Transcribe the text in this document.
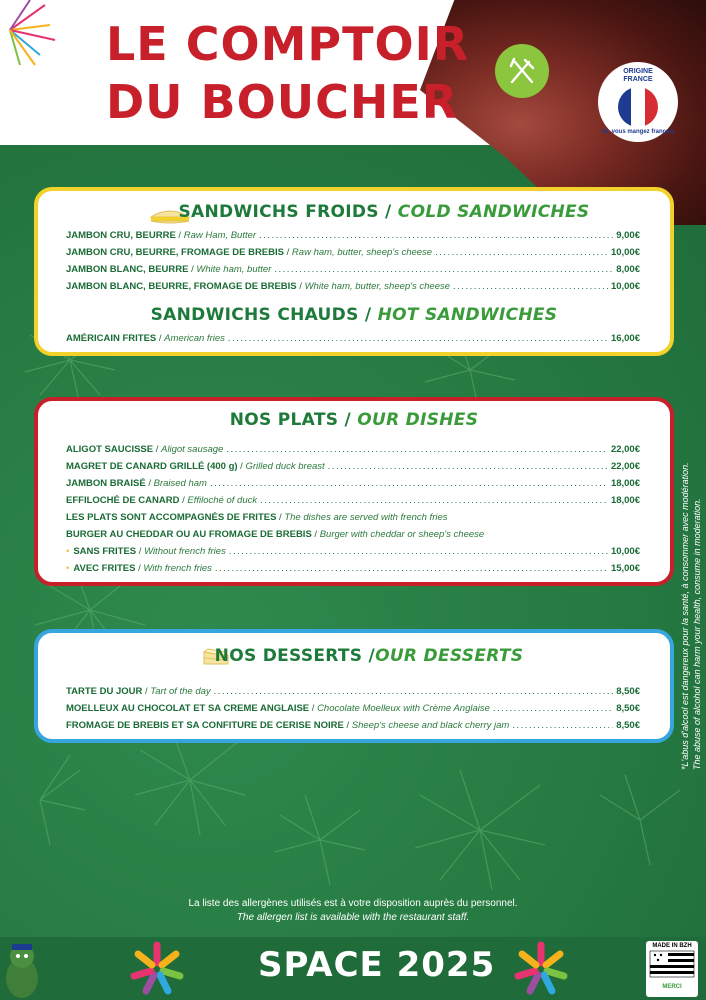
LE COMPTOIR
DU BOUCHER
ORIGINE
FRANCE
Ici, vous mangez français
SANDWICHS FROIDS / COLD SANDWICHES
JAMBON CRU, BEURRE / Raw Ham, Butter .....	9,00€
JAMBON CRU, BEURRE, FROMAGE DE BREBIS / Raw ham, butter, sheep's cheese .....	10,00€
JAMBON BLANC, BEURRE / White ham, butter .....	8,00€
JAMBON BLANC, BEURRE, FROMAGE DE BREBIS / White ham, butter, sheep's cheese .....	10,00€
SANDWICHS CHAUDS / HOT SANDWICHES
AMÉRICAIN FRITES / American fries .....	16,00€
NOS PLATS / OUR DISHES
ALIGOT SAUCISSE / Aligot sausage .....	22,00€
MAGRET DE CANARD GRILLÉ (400 g) / Grilled duck breast .....	22,00€
JAMBON BRAISÉ / Braised ham .....	18,00€
EFFILOCHÉ DE CANARD / Effiloché of duck .....	18,00€
LES PLATS SONT ACCOMPAGNÉS DE FRITES / The dishes are served with french fries
BURGER AU CHEDDAR OU AU FROMAGE DE BREBIS / Burger with cheddar or sheep's cheese
• SANS FRITES / Without french fries .....	10,00€
• AVEC FRITES / With french fries .....	15,00€
NOS DESSERTS /OUR DESSERTS
TARTE DU JOUR / Tart of the day .....	8,50€
MOELLEUX AU CHOCOLAT ET SA CREME ANGLAISE / Chocolate Moelleux with Crème Anglaise .....	8,50€
FROMAGE DE BREBIS ET SA CONFITURE DE CERISE NOIRE / Sheep's cheese and black cherry jam .....	8,50€	*L'abus d'alcool est dangereux pour la santé, à consommer avec modération. The abuse of alcohol can harm your health, consume in moderation.
La liste des allergènes utilisés est à votre disposition auprès du personnel.
The allergen list is available with the restaurant staff.
SPACE 2025	MADE IN BZH
MERCI
